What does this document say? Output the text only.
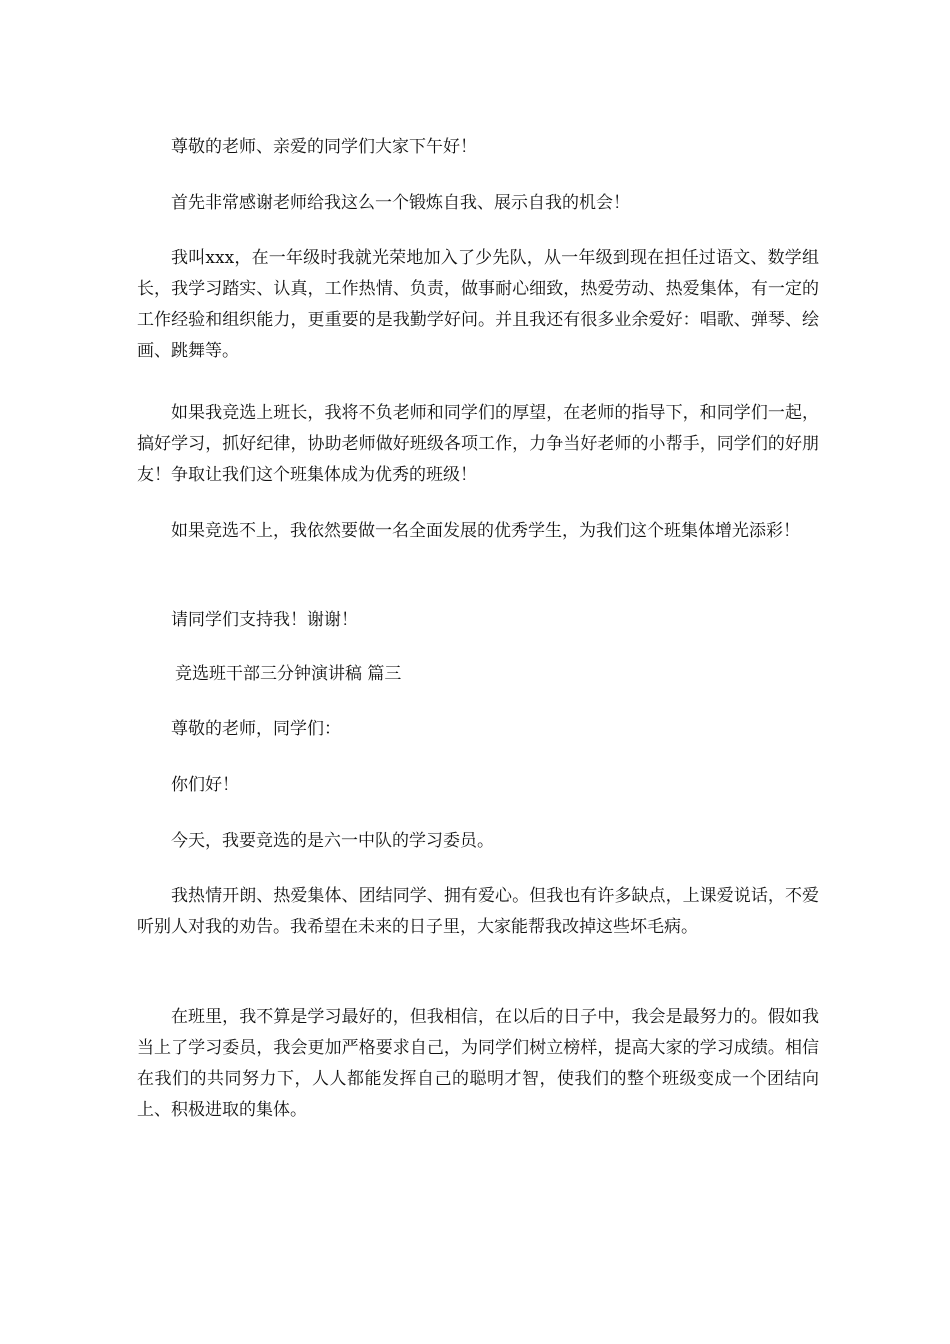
尊敬的老师、亲爱的同学们大家下午好！

首先非常感谢老师给我这么一个锻炼自我、展示自我的机会！

我叫xxx，在一年级时我就光荣地加入了少先队，从一年级到现在担任过语文、数学组长，我学习踏实、认真，工作热情、负责，做事耐心细致，热爱劳动、热爱集体，有一定的工作经验和组织能力，更重要的是我勤学好问。并且我还有很多业余爱好：唱歌、弹琴、绘画、跳舞等。

如果我竞选上班长，我将不负老师和同学们的厚望，在老师的指导下，和同学们一起，搞好学习，抓好纪律，协助老师做好班级各项工作，力争当好老师的小帮手，同学们的好朋友！争取让我们这个班集体成为优秀的班级！

如果竞选不上，我依然要做一名全面发展的优秀学生，为我们这个班集体增光添彩！

请同学们支持我！谢谢！

竞选班干部三分钟演讲稿 篇三

尊敬的老师，同学们：

你们好！

今天，我要竞选的是六一中队的学习委员。

我热情开朗、热爱集体、团结同学、拥有爱心。但我也有许多缺点，上课爱说话，不爱听别人对我的劝告。我希望在未来的日子里，大家能帮我改掉这些坏毛病。

在班里，我不算是学习最好的，但我相信，在以后的日子中，我会是最努力的。假如我当上了学习委员，我会更加严格要求自己，为同学们树立榜样，提高大家的学习成绩。相信在我们的共同努力下，人人都能发挥自己的聪明才智，使我们的整个班级变成一个团结向上、积极进取的集体。
